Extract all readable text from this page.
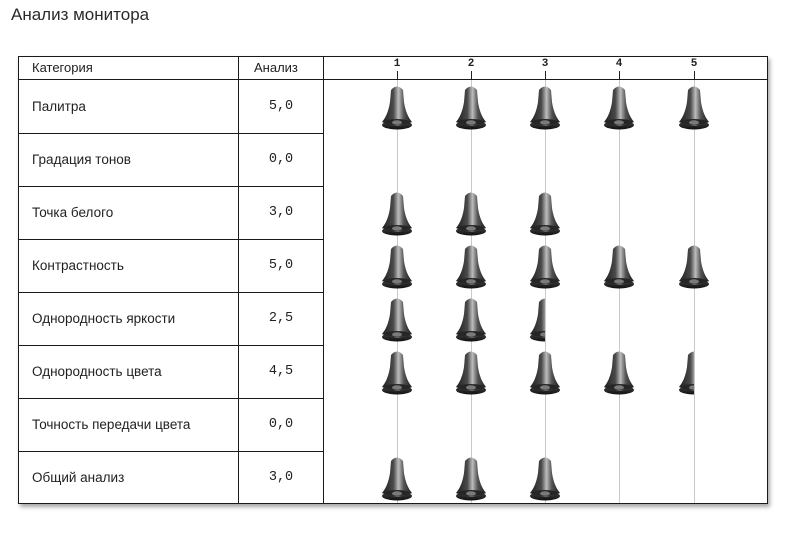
Анализ монитора
Категория	Анализ	1	2	3	4	5
Палитра	5,0
Градация тонов	0,0
Точка белого	3,0
Контрастность	5,0
Однородность яркости	2,5
Однородность цвета	4,5
Точность передачи цвета	0,0
Общий анализ	3,0
